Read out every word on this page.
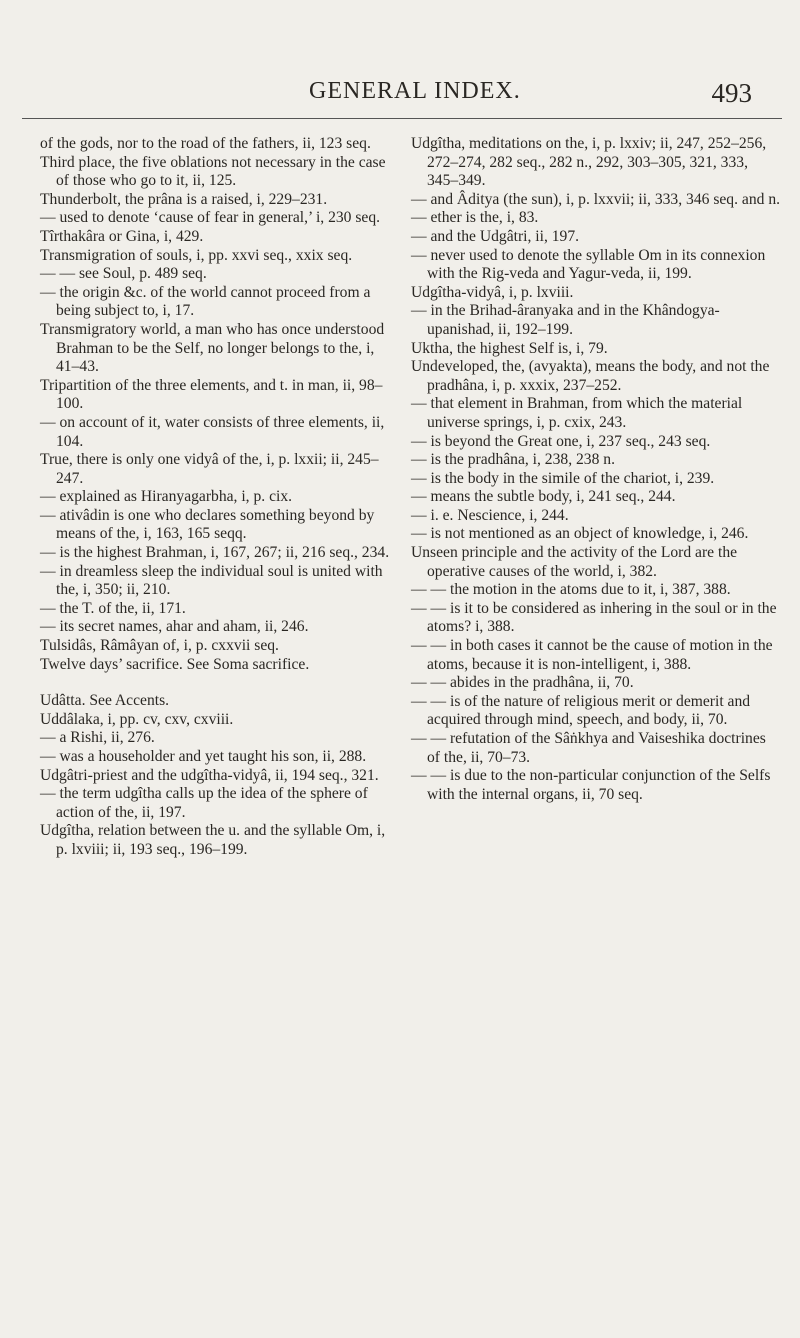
GENERAL INDEX.	493

of the gods, nor to the road of the fathers, ii, 123 seq.

Third place, the five oblations not necessary in the case of those who go to it, ii, 125.

Thunderbolt, the prâna is a raised, i, 229–231.

— used to denote ‘cause of fear in general,’ i, 230 seq.

Tîrthakâra or Gina, i, 429.

Transmigration of souls, i, pp. xxvi seq., xxix seq.

— — see Soul, p. 489 seq.

— the origin &c. of the world cannot proceed from a being subject to, i, 17.

Transmigratory world, a man who has once understood Brahman to be the Self, no longer belongs to the, i, 41–43.

Tripartition of the three elements, and t. in man, ii, 98–100.

— on account of it, water consists of three elements, ii, 104.

True, there is only one vidyâ of the, i, p. lxxii; ii, 245–247.

— explained as Hiranyagarbha, i, p. cix.

— ativâdin is one who declares something beyond by means of the, i, 163, 165 seqq.

— is the highest Brahman, i, 167, 267; ii, 216 seq., 234.

— in dreamless sleep the individual soul is united with the, i, 350; ii, 210.

— the T. of the, ii, 171.

— its secret names, ahar and aham, ii, 246.

Tulsidâs, Râmâyan of, i, p. cxxvii seq.

Twelve days’ sacrifice. See Soma sacrifice.

Udâtta. See Accents.

Uddâlaka, i, pp. cv, cxv, cxviii.

— a Rishi, ii, 276.

— was a householder and yet taught his son, ii, 288.

Udgâtri-priest and the udgîtha-vidyâ, ii, 194 seq., 321.

— the term udgîtha calls up the idea of the sphere of action of the, ii, 197.

Udgîtha, relation between the u. and the syllable Om, i, p. lxviii; ii, 193 seq., 196–199.

Udgîtha, meditations on the, i, p. lxxiv; ii, 247, 252–256, 272–274, 282 seq., 282 n., 292, 303–305, 321, 333, 345–349.

— and Âditya (the sun), i, p. lxxvii; ii, 333, 346 seq. and n.

— ether is the, i, 83.

— and the Udgâtri, ii, 197.

— never used to denote the syllable Om in its connexion with the Rig-veda and Yagur-veda, ii, 199.

Udgîtha-vidyâ, i, p. lxviii.

— in the Brihad-âranyaka and in the Khândogya-upanishad, ii, 192–199.

Uktha, the highest Self is, i, 79.

Undeveloped, the, (avyakta), means the body, and not the pradhâna, i, p. xxxix, 237–252.

— that element in Brahman, from which the material universe springs, i, p. cxix, 243.

— is beyond the Great one, i, 237 seq., 243 seq.

— is the pradhâna, i, 238, 238 n.

— is the body in the simile of the chariot, i, 239.

— means the subtle body, i, 241 seq., 244.

— i. e. Nescience, i, 244.

— is not mentioned as an object of knowledge, i, 246.

Unseen principle and the activity of the Lord are the operative causes of the world, i, 382.

— — the motion in the atoms due to it, i, 387, 388.

— — is it to be considered as inhering in the soul or in the atoms? i, 388.

— — in both cases it cannot be the cause of motion in the atoms, because it is non-intelligent, i, 388.

— — abides in the pradhâna, ii, 70.

— — is of the nature of religious merit or demerit and acquired through mind, speech, and body, ii, 70.

— — refutation of the Sâṅkhya and Vaiseshika doctrines of the, ii, 70–73.

— — is due to the non-particular conjunction of the Selfs with the internal organs, ii, 70 seq.
